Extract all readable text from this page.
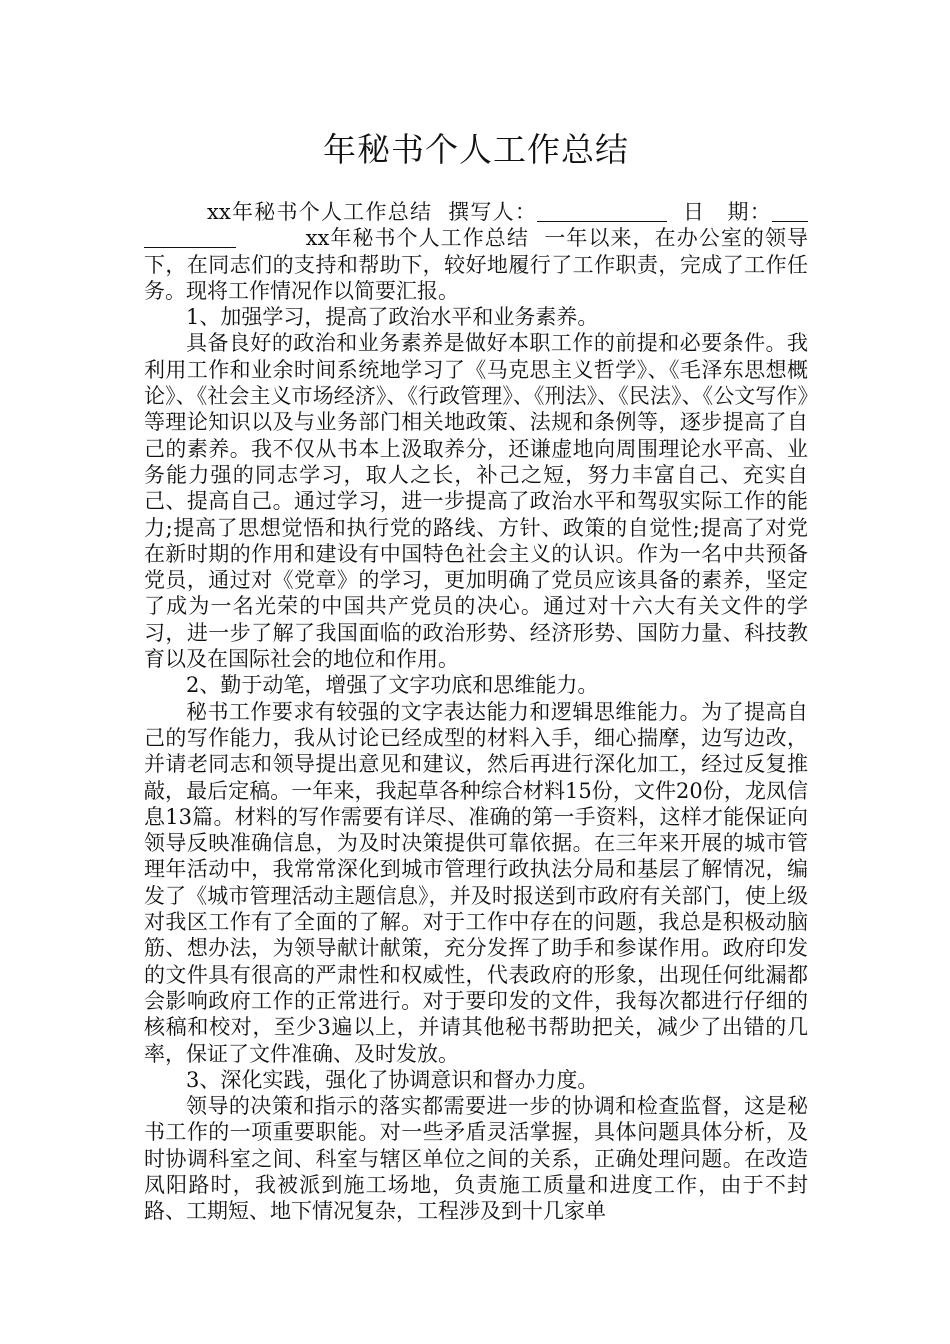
年秘书个人工作总结

xx年秘书个人工作总结 撰写人：	日　期：         xx年秘书个人工作总结 一年以来，在办公室的领导下，在同志们的支持和帮助下，较好地履行了工作职责，完成了工作任务。现将工作情况作以简要汇报。

1、加强学习，提高了政治水平和业务素养。

具备良好的政治和业务素养是做好本职工作的前提和必要条件。我利用工作和业余时间系统地学习了《马克思主义哲学》、《毛泽东思想概论》、《社会主义市场经济》、《行政管理》、《刑法》、《民法》、《公文写作》等理论知识以及与业务部门相关地政策、法规和条例等，逐步提高了自己的素养。我不仅从书本上汲取养分，还谦虚地向周围理论水平高、业务能力强的同志学习，取人之长，补己之短，努力丰富自己、充实自己、提高自己。通过学习，进一步提高了政治水平和驾驭实际工作的能力;提高了思想觉悟和执行党的路线、方针、政策的自觉性;提高了对党在新时期的作用和建设有中国特色社会主义的认识。作为一名中共预备党员，通过对《党章》的学习，更加明确了党员应该具备的素养，坚定了成为一名光荣的中国共产党员的决心。通过对十六大有关文件的学习，进一步了解了我国面临的政治形势、经济形势、国防力量、科技教育以及在国际社会的地位和作用。

2、勤于动笔，增强了文字功底和思维能力。

秘书工作要求有较强的文字表达能力和逻辑思维能力。为了提高自己的写作能力，我从讨论已经成型的材料入手，细心揣摩，边写边改，并请老同志和领导提出意见和建议，然后再进行深化加工，经过反复推敲，最后定稿。一年来，我起草各种综合材料15份，文件20份，龙凤信息13篇。材料的写作需要有详尽、准确的第一手资料，这样才能保证向领导反映准确信息，为及时决策提供可靠依据。在三年来开展的城市管理年活动中，我常常深化到城市管理行政执法分局和基层了解情况，编发了《城市管理活动主题信息》，并及时报送到市政府有关部门，使上级对我区工作有了全面的了解。对于工作中存在的问题，我总是积极动脑筋、想办法，为领导献计献策，充分发挥了助手和参谋作用。政府印发的文件具有很高的严肃性和权威性，代表政府的形象，出现任何纰漏都会影响政府工作的正常进行。对于要印发的文件，我每次都进行仔细的核稿和校对，至少3遍以上，并请其他秘书帮助把关，减少了出错的几率，保证了文件准确、及时发放。

3、深化实践，强化了协调意识和督办力度。

领导的决策和指示的落实都需要进一步的协调和检查监督，这是秘书工作的一项重要职能。对一些矛盾灵活掌握，具体问题具体分析，及时协调科室之间、科室与辖区单位之间的关系，正确处理问题。在改造凤阳路时，我被派到施工场地，负责施工质量和进度工作，由于不封路、工期短、地下情况复杂，工程涉及到十几家单
